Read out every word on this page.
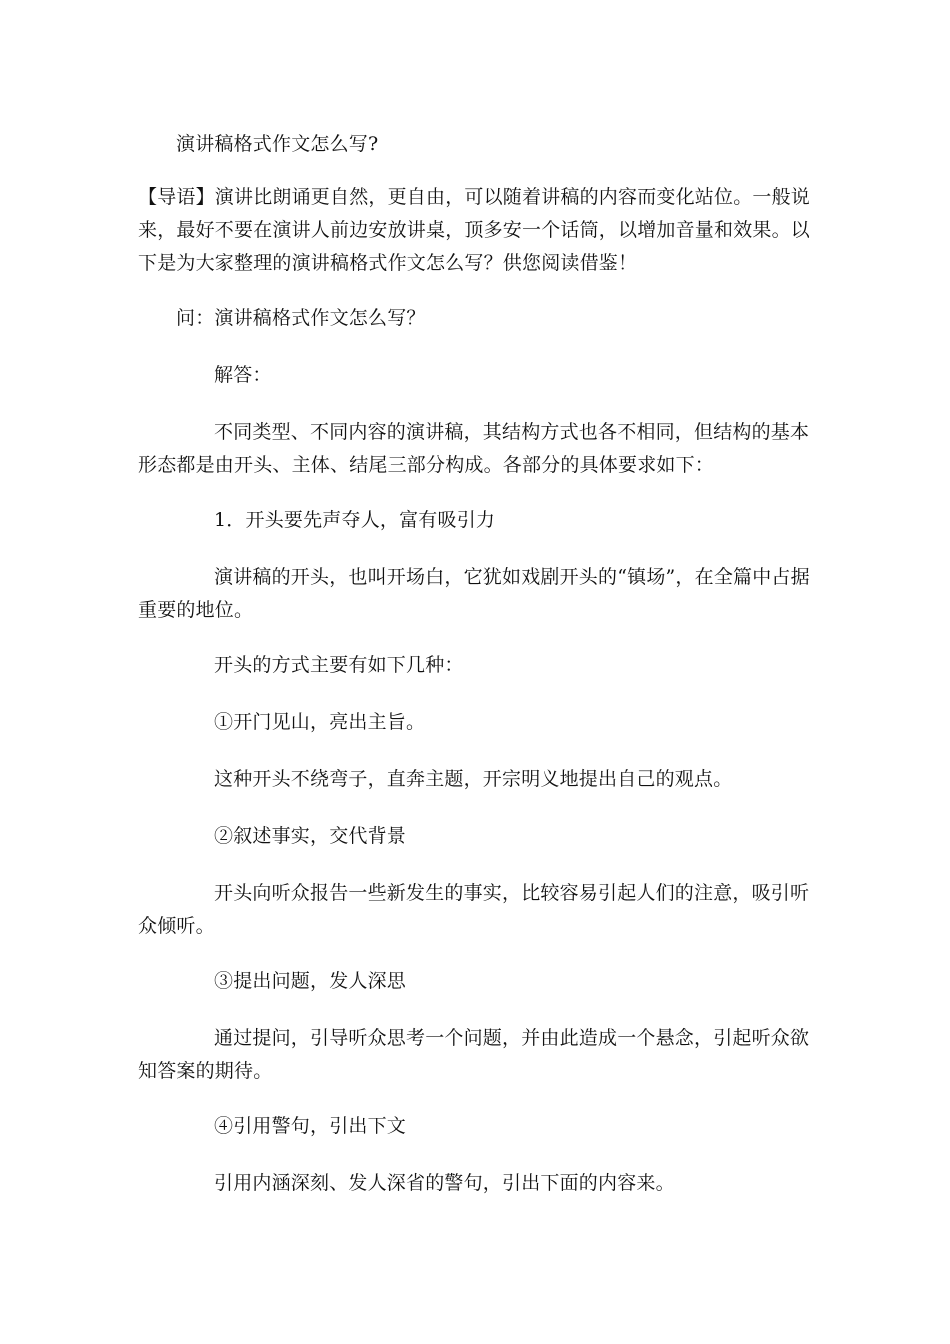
演讲稿格式作文怎么写?

【导语】演讲比朗诵更自然，更自由，可以随着讲稿的内容而变化站位。一般说来，最好不要在演讲人前边安放讲桌，顶多安一个话筒，以增加音量和效果。以下是为大家整理的演讲稿格式作文怎么写？供您阅读借鉴！

问：演讲稿格式作文怎么写？

解答：

不同类型、不同内容的演讲稿，其结构方式也各不相同，但结构的基本形态都是由开头、主体、结尾三部分构成。各部分的具体要求如下：

1．开头要先声夺人，富有吸引力

演讲稿的开头，也叫开场白，它犹如戏剧开头的“镇场”，在全篇中占据重要的地位。

开头的方式主要有如下几种：

①开门见山，亮出主旨。

这种开头不绕弯子，直奔主题，开宗明义地提出自己的观点。

②叙述事实，交代背景

开头向听众报告一些新发生的事实，比较容易引起人们的注意，吸引听众倾听。

③提出问题，发人深思

通过提问，引导听众思考一个问题，并由此造成一个悬念，引起听众欲知答案的期待。

④引用警句，引出下文

引用内涵深刻、发人深省的警句，引出下面的内容来。
